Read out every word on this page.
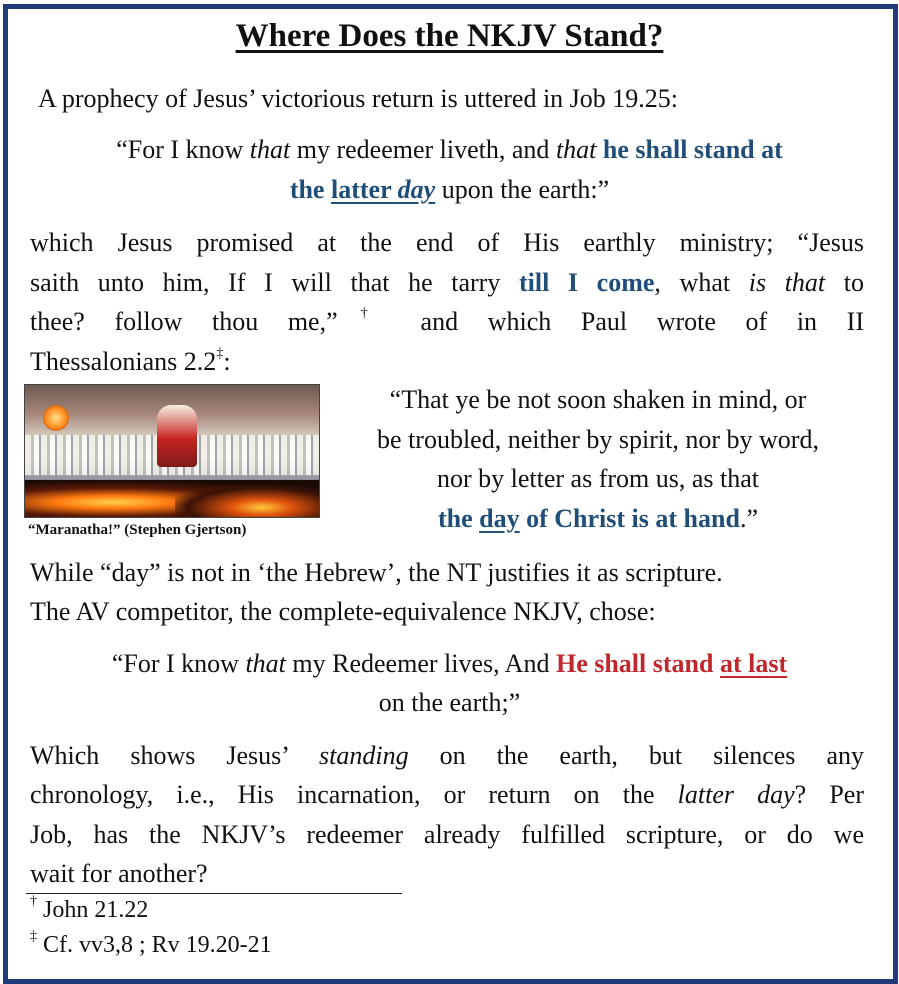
Where Does the NKJV Stand?
A prophecy of Jesus’ victorious return is uttered in Job 19.25:
“For I know that my redeemer liveth, and that he shall stand at
the latter day upon the earth:”
which Jesus promised at the end of His earthly ministry; “Jesus
saith unto him, If I will that he tarry till I come, what is that to
thee? follow thou me,”† and which Paul wrote of in II
Thessalonians 2.2‡:
“Maranatha!” (Stephen Gjertson)
“That ye be not soon shaken in mind, or
be troubled, neither by spirit, nor by word,
nor by letter as from us, as that
the day of Christ is at hand.”
While “day” is not in ‘the Hebrew’, the NT justifies it as scripture.
The AV competitor, the complete-equivalence NKJV, chose:
“For I know that my Redeemer lives, And He shall stand at last
on the earth;”
Which shows Jesus’ standing on the earth, but silences any
chronology, i.e., His incarnation, or return on the latter day? Per
Job, has the NKJV’s redeemer already fulfilled scripture, or do we
wait for another?
† John 21.22
‡ Cf. vv3,8 ; Rv 19.20-21
